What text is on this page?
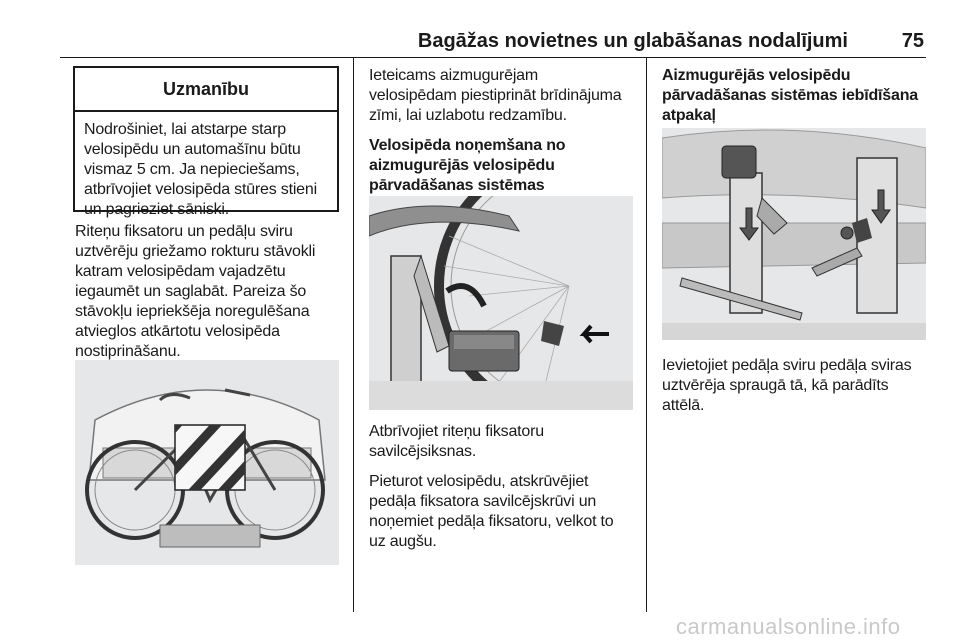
Bagāžas novietnes un glabāšanas nodalījumi	75
Uzmanību
Nodrošiniet, lai atstarpe starp
velosipēdu un automašīnu būtu
vismaz 5 cm. Ja nepieciešams,
atbrīvojiet velosipēda stūres stieni
un pagrieziet sāniski.
Riteņu fiksatoru un pedāļu sviru
uztvērēju griežamo rokturu stāvokli
katram velosipēdam vajadzētu
iegaumēt un saglabāt. Pareiza šo
stāvokļu iepriekšēja noregulēšana
atvieglos atkārtotu velosipēda
nostiprināšanu.

Ieteicams aizmugurējam
velosipēdam piestiprināt brīdinājuma
zīmi, lai uzlabotu redzamību.

Velosipēda noņemšana no
aizmugurējās velosipēdu
pārvadāšanas sistēmas

Atbrīvojiet riteņu fiksatoru
savilcējsiksnas.

Pieturot velosipēdu, atskrūvējiet
pedāļa fiksatora savilcējskrūvi un
noņemiet pedāļa fiksatoru, velkot to
uz augšu.

Aizmugurējās velosipēdu
pārvadāšanas sistēmas iebīdīšana
atpakaļ
Ievietojiet pedāļa sviru pedāļa sviras
uztvērēja spraugā tā, kā parādīts
attēlā.
carmanualsonline.info
